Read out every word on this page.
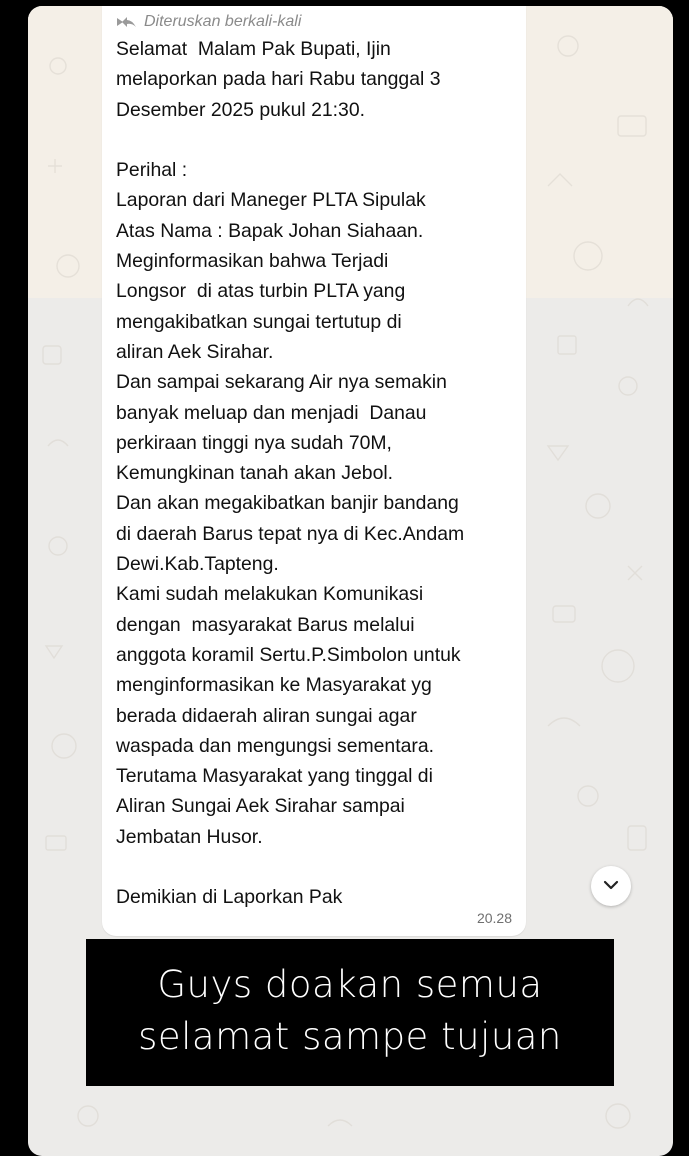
Diteruskan berkali-kali
Selamat  Malam Pak Bupati, Ijin
melaporkan pada hari Rabu tanggal 3
Desember 2025 pukul 21:30.
Perihal :
Laporan dari Maneger PLTA Sipulak
Atas Nama : Bapak Johan Siahaan.
Meginformasikan bahwa Terjadi
Longsor  di atas turbin PLTA yang
mengakibatkan sungai tertutup di
aliran Aek Sirahar.
Dan sampai sekarang Air nya semakin
banyak meluap dan menjadi  Danau
perkiraan tinggi nya sudah 70M,
Kemungkinan tanah akan Jebol.
Dan akan megakibatkan banjir bandang
di daerah Barus tepat nya di Kec.Andam
Dewi.Kab.Tapteng.
Kami sudah melakukan Komunikasi
dengan  masyarakat Barus melalui
anggota koramil Sertu.P.Simbolon untuk
menginformasikan ke Masyarakat yg
berada didaerah aliran sungai agar
waspada dan mengungsi sementara.
Terutama Masyarakat yang tinggal di
Aliran Sungai Aek Sirahar sampai
Jembatan Husor.
Demikian di Laporkan Pak
20.28
Guys doakan semua
selamat sampe tujuan
